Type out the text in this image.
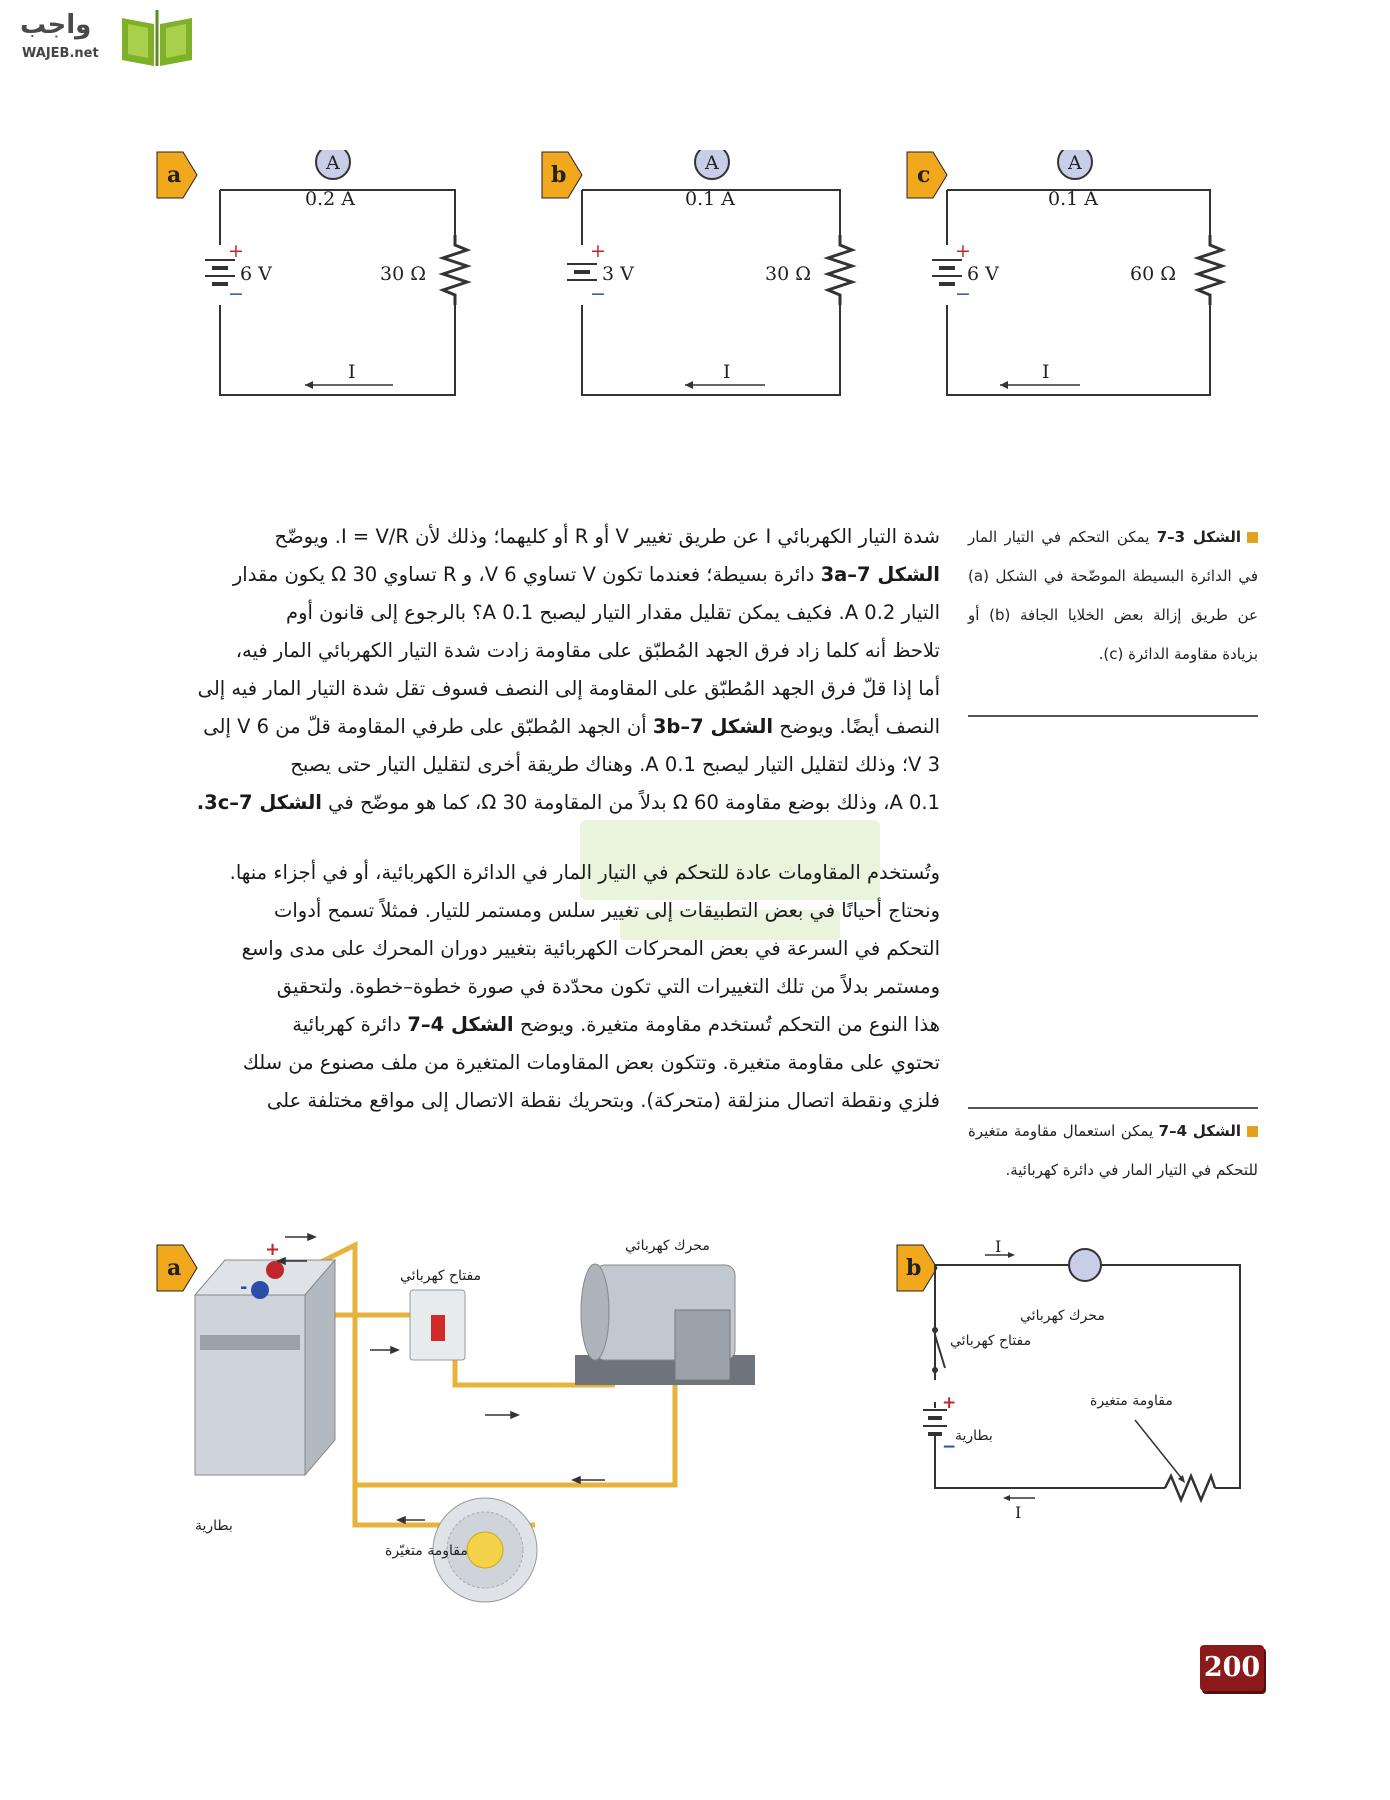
واجب
WAJEB.net
a	A
0.2 A
6 V	30 Ω
+
−
I
b	A
0.1 A
3 V	30 Ω
+
−
I
c	A
0.1 A
6 V	60 Ω
+
−
I
الشكل 3–7 يمكن التحكم في التيار المار في الدائرة البسيطة الموضّحة في الشكل (a) عن طريق إزالة بعض الخلايا الجافة (b) أو بزيادة مقاومة الدائرة (c).
شدة التيار الكهربائي I عن طريق تغيير V أو R أو كليهما؛ وذلك لأن I = V/R. ويوضّح
الشكل 3a–7 دائرة بسيطة؛ فعندما تكون V تساوي 6 V، و R تساوي 30 Ω يكون مقدار
التيار 0.2 A. فكيف يمكن تقليل مقدار التيار ليصبح 0.1 A؟ بالرجوع إلى قانون أوم
تلاحظ أنه كلما زاد فرق الجهد المُطبّق على مقاومة زادت شدة التيار الكهربائي المار فيه،
أما إذا قلّ فرق الجهد المُطبّق على المقاومة إلى النصف فسوف تقل شدة التيار المار فيه إلى
النصف أيضًا. ويوضح الشكل 3b–7 أن الجهد المُطبّق على طرفي المقاومة قلّ من 6 V إلى
3 V؛ وذلك لتقليل التيار ليصبح 0.1 A. وهناك طريقة أخرى لتقليل التيار حتى يصبح
0.1 A، وذلك بوضع مقاومة 60 Ω بدلاً من المقاومة 30 Ω، كما هو موضّح في الشكل 3c–7.
وتُستخدم المقاومات عادة للتحكم في التيار المار في الدائرة الكهربائية، أو في أجزاء منها.
ونحتاج أحيانًا في بعض التطبيقات إلى تغيير سلس ومستمر للتيار. فمثلاً تسمح أدوات
التحكم في السرعة في بعض المحركات الكهربائية بتغيير دوران المحرك على مدى واسع
ومستمر بدلاً من تلك التغييرات التي تكون محدّدة في صورة خطوة–خطوة. ولتحقيق
هذا النوع من التحكم تُستخدم مقاومة متغيرة. ويوضح الشكل 4–7 دائرة كهربائية
تحتوي على مقاومة متغيرة. وتتكون بعض المقاومات المتغيرة من ملف مصنوع من سلك
فلزي ونقطة اتصال منزلقة (متحركة). وبتحريك نقطة الاتصال إلى مواقع مختلفة على
الشكل 4–7 يمكن استعمال مقاومة متغيرة للتحكم في التيار المار في دائرة كهربائية.
a
+
-
بطارية
مفتاح كهربائي
محرك كهربائي
مقاومة متغيّرة
b
I
I
محرك كهربائي
مفتاح كهربائي
مقاومة متغيرة
بطارية
+
−
200
